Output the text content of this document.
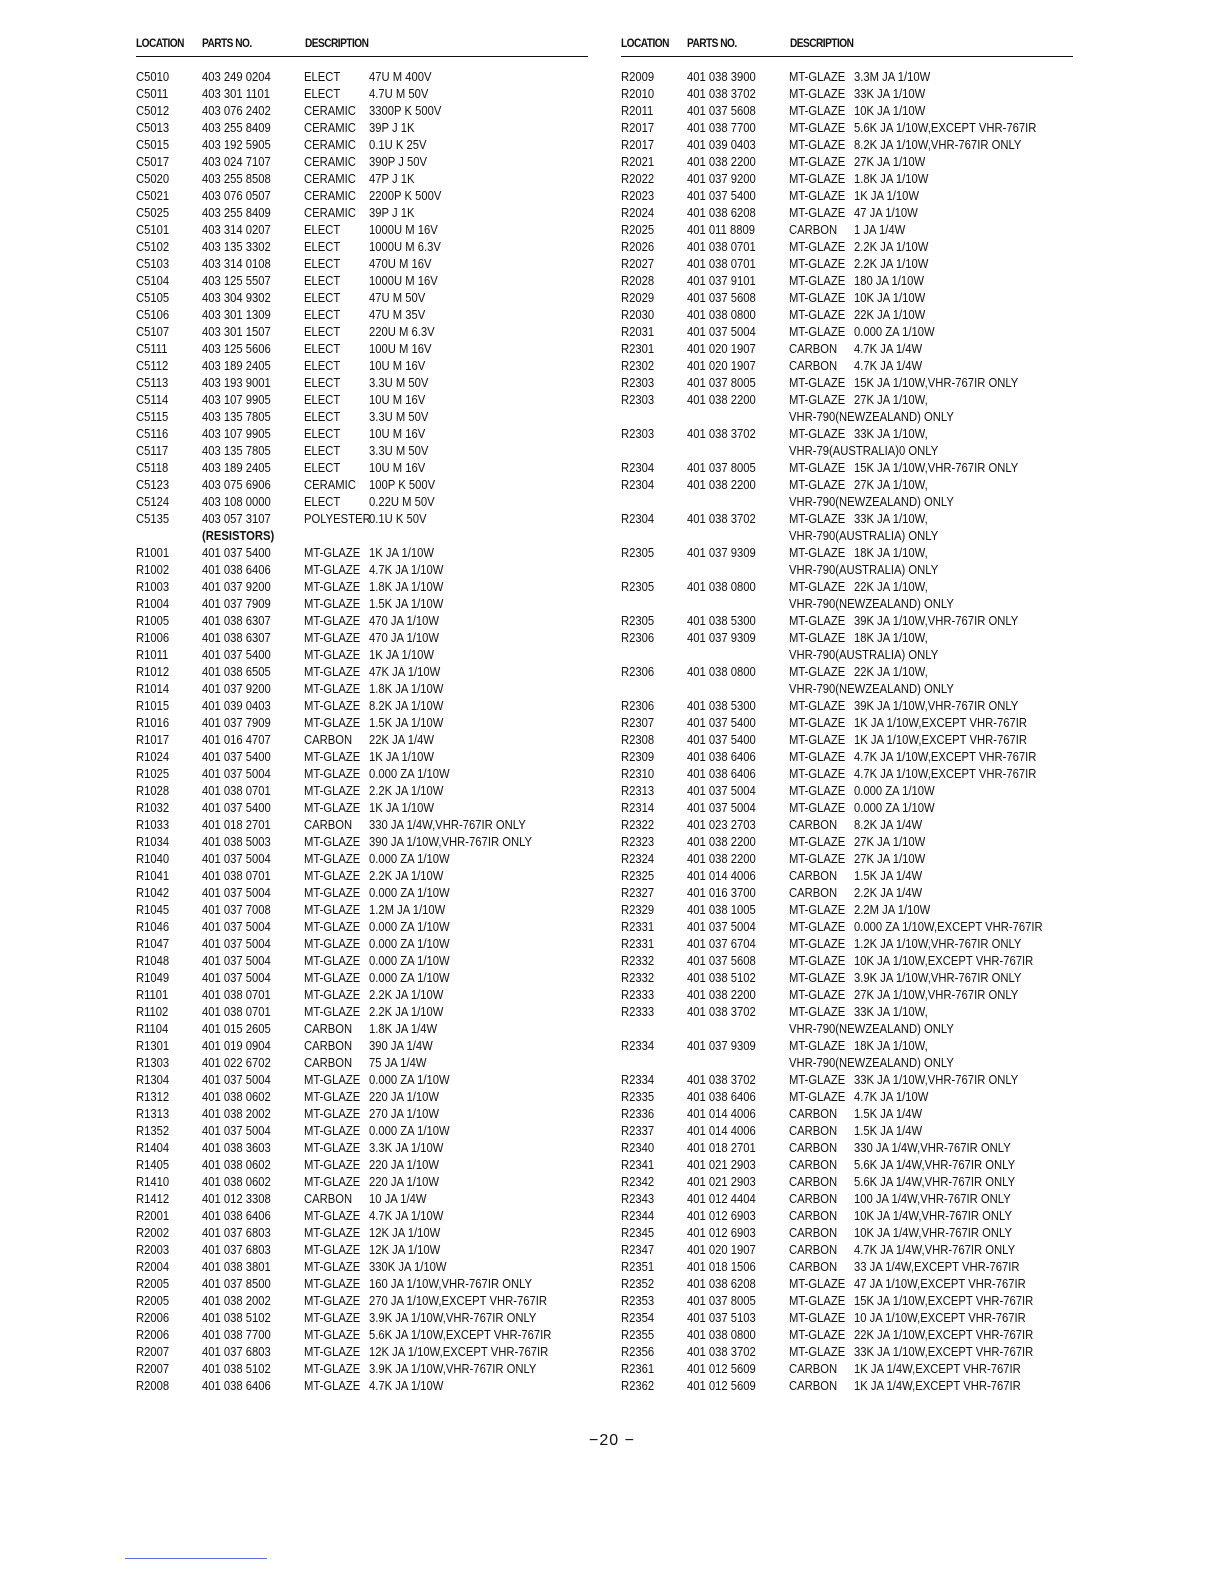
LOCATION PARTS NO.	DESCRIPTION
C5010	403 249 0204	ELECT 47U M 400V
C5011	403 301 1101	ELECT 4.7U M 50V
C5012	403 076 2402	CERAMIC 3300P K 500V
C5013	403 255 8409	CERAMIC 39P J 1K
C5015	403 192 5905	CERAMIC 0.1U K 25V
C5017	403 024 7107	CERAMIC 390P J 50V
C5020	403 255 8508	CERAMIC 47P J 1K
C5021	403 076 0507	CERAMIC 2200P K 500V
C5025	403 255 8409	CERAMIC 39P J 1K
C5101	403 314 0207	ELECT 1000U M 16V
C5102	403 135 3302	ELECT 1000U M 6.3V
C5103	403 314 0108	ELECT 470U M 16V
C5104	403 125 5507	ELECT 1000U M 16V
C5105	403 304 9302	ELECT 47U M 50V
C5106	403 301 1309	ELECT 47U M 35V
C5107	403 301 1507	ELECT 220U M 6.3V
C5111	403 125 5606	ELECT 100U M 16V
C5112	403 189 2405	ELECT 10U M 16V
C5113	403 193 9001	ELECT 3.3U M 50V
C5114	403 107 9905	ELECT 10U M 16V
C5115	403 135 7805	ELECT 3.3U M 50V
C5116	403 107 9905	ELECT 10U M 16V
C5117	403 135 7805	ELECT 3.3U M 50V
C5118	403 189 2405	ELECT 10U M 16V
C5123	403 075 6906	CERAMIC 100P K 500V
C5124	403 108 0000	ELECT 0.22U M 50V
C5135	403 057 3107	POLYESTER
0.1U K 50V
(RESISTORS)
R1001	401 037 5400	MT-GLAZE 1K JA 1/10W
R1002	401 038 6406	MT-GLAZE 4.7K JA 1/10W
R1003	401 037 9200	MT-GLAZE 1.8K JA 1/10W
R1004	401 037 7909	MT-GLAZE 1.5K JA 1/10W
R1005	401 038 6307	MT-GLAZE 470 JA 1/10W
R1006	401 038 6307	MT-GLAZE 470 JA 1/10W
R1011	401 037 5400	MT-GLAZE 1K JA 1/10W
R1012	401 038 6505	MT-GLAZE 47K JA 1/10W
R1014	401 037 9200	MT-GLAZE 1.8K JA 1/10W
R1015	401 039 0403	MT-GLAZE 8.2K JA 1/10W
R1016	401 037 7909	MT-GLAZE 1.5K JA 1/10W
R1017	401 016 4707	CARBON 22K JA 1/4W
R1024	401 037 5400	MT-GLAZE 1K JA 1/10W
R1025	401 037 5004	MT-GLAZE 0.000 ZA 1/10W
R1028	401 038 0701	MT-GLAZE 2.2K JA 1/10W
R1032	401 037 5400	MT-GLAZE 1K JA 1/10W
R1033	401 018 2701	CARBON 330 JA 1/4W,VHR-767IR ONLY
R1034	401 038 5003	MT-GLAZE 390 JA 1/10W,VHR-767IR ONLY
R1040	401 037 5004	MT-GLAZE 0.000 ZA 1/10W
R1041	401 038 0701	MT-GLAZE 2.2K JA 1/10W
R1042	401 037 5004	MT-GLAZE 0.000 ZA 1/10W
R1045	401 037 7008	MT-GLAZE 1.2M JA 1/10W
R1046	401 037 5004	MT-GLAZE 0.000 ZA 1/10W
R1047	401 037 5004	MT-GLAZE 0.000 ZA 1/10W
R1048	401 037 5004	MT-GLAZE 0.000 ZA 1/10W
R1049	401 037 5004	MT-GLAZE 0.000 ZA 1/10W
R1101	401 038 0701	MT-GLAZE 2.2K JA 1/10W
R1102	401 038 0701	MT-GLAZE 2.2K JA 1/10W
R1104	401 015 2605	CARBON 1.8K JA 1/4W
R1301	401 019 0904	CARBON 390 JA 1/4W
R1303	401 022 6702	CARBON 75 JA 1/4W
R1304	401 037 5004	MT-GLAZE 0.000 ZA 1/10W
R1312	401 038 0602	MT-GLAZE 220 JA 1/10W
R1313	401 038 2002	MT-GLAZE 270 JA 1/10W
R1352	401 037 5004	MT-GLAZE 0.000 ZA 1/10W
R1404	401 038 3603	MT-GLAZE 3.3K JA 1/10W
R1405	401 038 0602	MT-GLAZE 220 JA 1/10W
R1410	401 038 0602	MT-GLAZE 220 JA 1/10W
R1412	401 012 3308	CARBON 10 JA 1/4W
R2001	401 038 6406	MT-GLAZE 4.7K JA 1/10W
R2002	401 037 6803	MT-GLAZE 12K JA 1/10W
R2003	401 037 6803	MT-GLAZE 12K JA 1/10W
R2004	401 038 3801	MT-GLAZE 330K JA 1/10W
R2005	401 037 8500	MT-GLAZE 160 JA 1/10W,VHR-767IR ONLY
R2005	401 038 2002	MT-GLAZE 270 JA 1/10W,EXCEPT VHR-767IR
R2006	401 038 5102	MT-GLAZE 3.9K JA 1/10W,VHR-767IR ONLY
R2006	401 038 7700	MT-GLAZE 5.6K JA 1/10W,EXCEPT VHR-767IR
R2007	401 037 6803	MT-GLAZE 12K JA 1/10W,EXCEPT VHR-767IR
R2007	401 038 5102	MT-GLAZE 3.9K JA 1/10W,VHR-767IR ONLY
R2008	401 038 6406	MT-GLAZE 4.7K JA 1/10W
LOCATION PARTS NO.	DESCRIPTION
R2009	401 038 3900	MT-GLAZE 3.3M JA 1/10W
R2010	401 038 3702	MT-GLAZE 33K JA 1/10W
R2011	401 037 5608	MT-GLAZE 10K JA 1/10W
R2017	401 038 7700	MT-GLAZE 5.6K JA 1/10W,EXCEPT VHR-767IR
R2017	401 039 0403	MT-GLAZE 8.2K JA 1/10W,VHR-767IR ONLY
R2021	401 038 2200	MT-GLAZE 27K JA 1/10W
R2022	401 037 9200	MT-GLAZE 1.8K JA 1/10W
R2023	401 037 5400	MT-GLAZE 1K JA 1/10W
R2024	401 038 6208	MT-GLAZE 47 JA 1/10W
R2025	401 011 8809	CARBON 1 JA 1/4W
R2026	401 038 0701	MT-GLAZE 2.2K JA 1/10W
R2027	401 038 0701	MT-GLAZE 2.2K JA 1/10W
R2028	401 037 9101	MT-GLAZE 180 JA 1/10W
R2029	401 037 5608	MT-GLAZE 10K JA 1/10W
R2030	401 038 0800	MT-GLAZE 22K JA 1/10W
R2031	401 037 5004	MT-GLAZE 0.000 ZA 1/10W
R2301	401 020 1907	CARBON 4.7K JA 1/4W
R2302	401 020 1907	CARBON 4.7K JA 1/4W
R2303	401 037 8005	MT-GLAZE 15K JA 1/10W,VHR-767IR ONLY
R2303	401 038 2200	MT-GLAZE 27K JA 1/10W,
VHR-790(NEWZEALAND) ONLY
R2303	401 038 3702	MT-GLAZE 33K JA 1/10W,
VHR-79(AUSTRALIA)0 ONLY
R2304	401 037 8005	MT-GLAZE 15K JA 1/10W,VHR-767IR ONLY
R2304	401 038 2200	MT-GLAZE 27K JA 1/10W,
VHR-790(NEWZEALAND) ONLY
R2304	401 038 3702	MT-GLAZE 33K JA 1/10W,
VHR-790(AUSTRALIA) ONLY
R2305	401 037 9309	MT-GLAZE 18K JA 1/10W,
VHR-790(AUSTRALIA) ONLY
R2305	401 038 0800	MT-GLAZE 22K JA 1/10W,
VHR-790(NEWZEALAND) ONLY
R2305	401 038 5300	MT-GLAZE 39K JA 1/10W,VHR-767IR ONLY
R2306	401 037 9309	MT-GLAZE 18K JA 1/10W,
VHR-790(AUSTRALIA) ONLY
R2306	401 038 0800	MT-GLAZE 22K JA 1/10W,
VHR-790(NEWZEALAND) ONLY
R2306	401 038 5300	MT-GLAZE 39K JA 1/10W,VHR-767IR ONLY
R2307	401 037 5400	MT-GLAZE 1K JA 1/10W,EXCEPT VHR-767IR
R2308	401 037 5400	MT-GLAZE 1K JA 1/10W,EXCEPT VHR-767IR
R2309	401 038 6406	MT-GLAZE 4.7K JA 1/10W,EXCEPT VHR-767IR
R2310	401 038 6406	MT-GLAZE 4.7K JA 1/10W,EXCEPT VHR-767IR
R2313	401 037 5004	MT-GLAZE 0.000 ZA 1/10W
R2314	401 037 5004	MT-GLAZE 0.000 ZA 1/10W
R2322	401 023 2703	CARBON 8.2K JA 1/4W
R2323	401 038 2200	MT-GLAZE 27K JA 1/10W
R2324	401 038 2200	MT-GLAZE 27K JA 1/10W
R2325	401 014 4006	CARBON 1.5K JA 1/4W
R2327	401 016 3700	CARBON 2.2K JA 1/4W
R2329	401 038 1005	MT-GLAZE 2.2M JA 1/10W
R2331	401 037 5004	MT-GLAZE 0.000 ZA 1/10W,EXCEPT VHR-767IR
R2331	401 037 6704	MT-GLAZE 1.2K JA 1/10W,VHR-767IR ONLY
R2332	401 037 5608	MT-GLAZE 10K JA 1/10W,EXCEPT VHR-767IR
R2332	401 038 5102	MT-GLAZE 3.9K JA 1/10W,VHR-767IR ONLY
R2333	401 038 2200	MT-GLAZE 27K JA 1/10W,VHR-767IR ONLY
R2333	401 038 3702	MT-GLAZE 33K JA 1/10W,
VHR-790(NEWZEALAND) ONLY
R2334	401 037 9309	MT-GLAZE 18K JA 1/10W,
VHR-790(NEWZEALAND) ONLY
R2334	401 038 3702	MT-GLAZE 33K JA 1/10W,VHR-767IR ONLY
R2335	401 038 6406	MT-GLAZE 4.7K JA 1/10W
R2336	401 014 4006	CARBON 1.5K JA 1/4W
R2337	401 014 4006	CARBON 1.5K JA 1/4W
R2340	401 018 2701	CARBON 330 JA 1/4W,VHR-767IR ONLY
R2341	401 021 2903	CARBON 5.6K JA 1/4W,VHR-767IR ONLY
R2342	401 021 2903	CARBON 5.6K JA 1/4W,VHR-767IR ONLY
R2343	401 012 4404	CARBON 100 JA 1/4W,VHR-767IR ONLY
R2344	401 012 6903	CARBON 10K JA 1/4W,VHR-767IR ONLY
R2345	401 012 6903	CARBON 10K JA 1/4W,VHR-767IR ONLY
R2347	401 020 1907	CARBON 4.7K JA 1/4W,VHR-767IR ONLY
R2351	401 018 1506	CARBON 33 JA 1/4W,EXCEPT VHR-767IR
R2352	401 038 6208	MT-GLAZE 47 JA 1/10W,EXCEPT VHR-767IR
R2353	401 037 8005	MT-GLAZE 15K JA 1/10W,EXCEPT VHR-767IR
R2354	401 037 5103	MT-GLAZE 10 JA 1/10W,EXCEPT VHR-767IR
R2355	401 038 0800	MT-GLAZE 22K JA 1/10W,EXCEPT VHR-767IR
R2356	401 038 3702	MT-GLAZE 33K JA 1/10W,EXCEPT VHR-767IR
R2361	401 012 5609	CARBON 1K JA 1/4W,EXCEPT VHR-767IR
R2362	401 012 5609	CARBON 1K JA 1/4W,EXCEPT VHR-767IR
−20 −
